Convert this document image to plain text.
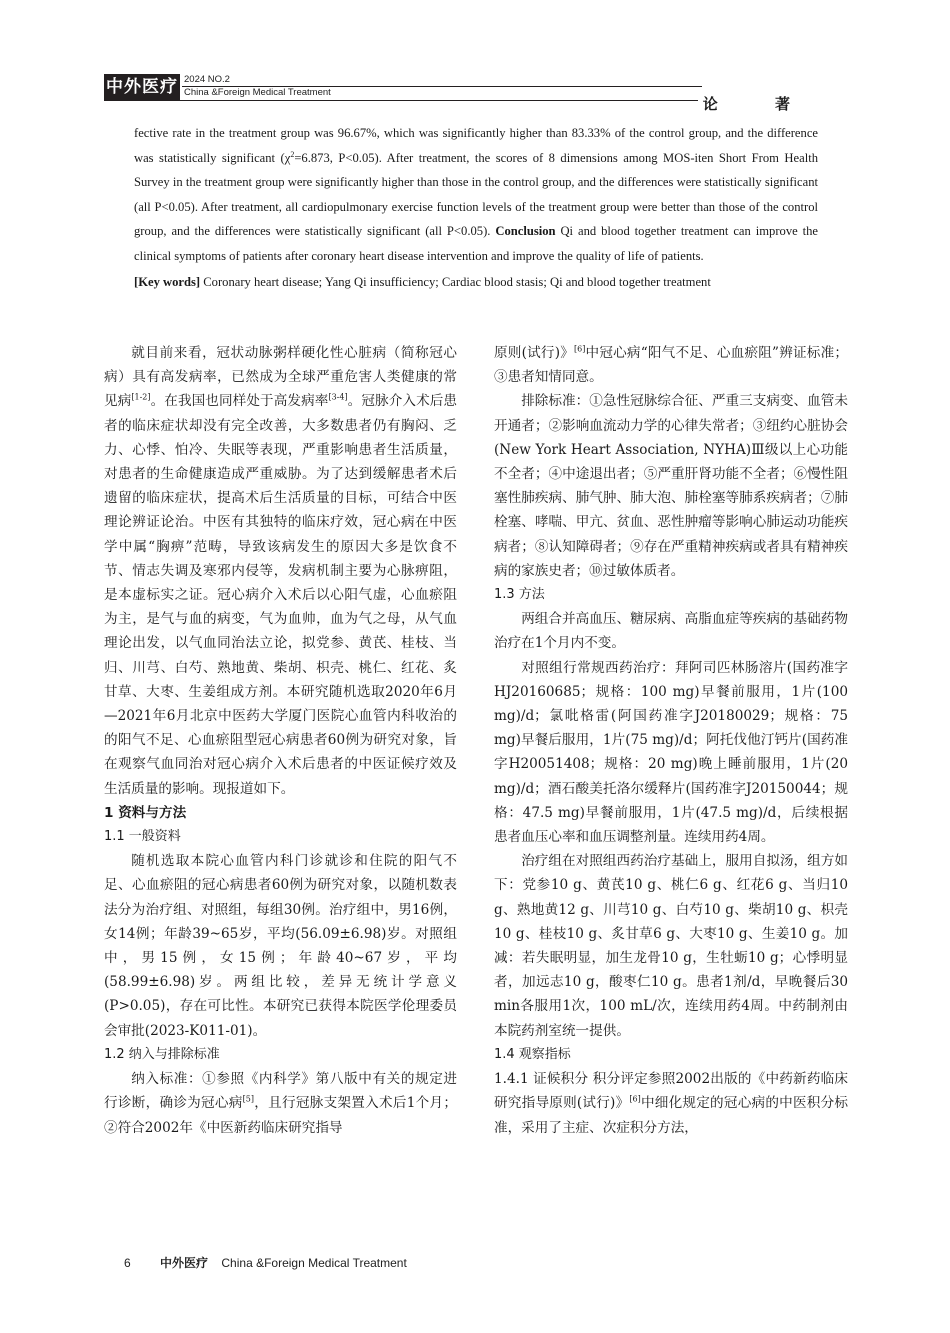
中外医疗 2024 NO.2
China &Foreign Medical Treatment
论 著

fective rate in the treatment group was 96.67%, which was significantly higher than 83.33% of the control group, and the difference was statistically significant ($\chi^2=6.873$, P<0.05). After treatment, the scores of 8 dimensions among MOS-iten Short From Health Survey in the treatment group were significantly higher than those in the control group, and the differences were statistically significant (all P<0.05). After treatment, all cardiopulmonary exercise function levels of the treatment group were better than those of the control group, and the differences were statistically significant (all P<0.05). Conclusion Qi and blood together treatment can improve the clinical symptoms of patients after coronary heart disease intervention and improve the quality of life of patients.

[Key words] Coronary heart disease; Yang Qi insufficiency; Cardiac blood stasis; Qi and blood together treatment

就目前来看，冠状动脉粥样硬化性心脏病（简称冠心病）具有高发病率，已然成为全球严重危害人类健康的常见病[1-2]。在我国也同样处于高发病率[3-4]。冠脉介入术后患者的临床症状却没有完全改善，大多数患者仍有胸闷、乏力、心悸、怕冷、失眠等表现，严重影响患者生活质量，对患者的生命健康造成严重威胁。为了达到缓解患者术后遗留的临床症状，提高术后生活质量的目标，可结合中医理论辨证论治。中医有其独特的临床疗效，冠心病在中医学中属“胸痹”范畴，导致该病发生的原因大多是饮食不节、情志失调及寒邪内侵等，发病机制主要为心脉痹阻，是本虚标实之证。冠心病介入术后以心阳气虚，心血瘀阻为主，是气与血的病变，气为血帅，血为气之母，从气血理论出发，以气血同治法立论，拟党参、黄芪、桂枝、当归、川芎、白芍、熟地黄、柴胡、枳壳、桃仁、红花、炙甘草、大枣、生姜组成方剂。本研究随机选取2020年6月—2021年6月北京中医药大学厦门医院心血管内科收治的的阳气不足、心血瘀阻型冠心病患者60例为研究对象，旨在观察气血同治对冠心病介入术后患者的中医证候疗效及生活质量的影响。现报道如下。

1 资料与方法

1.1 一般资料

随机选取本院心血管内科门诊就诊和住院的阳气不足、心血瘀阻的冠心病患者60例为研究对象，以随机数表法分为治疗组、对照组，每组30例。治疗组中，男16例，女14例；年龄39~65岁，平均(56.09±6.98)岁。对照组中，男15例，女15例；年龄40~67岁，平均(58.99±6.98)岁。两组比较，差异无统计学意义(P>0.05)，存在可比性。本研究已获得本院医学伦理委员会审批(2023-K011-01)。

1.2 纳入与排除标准

纳入标准：①参照《内科学》第八版中有关的规定进行诊断，确诊为冠心病[5]，且行冠脉支架置入术后1个月；②符合2002年《中医新药临床研究指导

原则(试行)》[6]中冠心病“阳气不足、心血瘀阻”辨证标准；③患者知情同意。

排除标准：①急性冠脉综合征、严重三支病变、血管未开通者；②影响血流动力学的心律失常者；③纽约心脏协会(New York Heart Association, NYHA)Ⅲ级以上心功能不全者；④中途退出者；⑤严重肝肾功能不全者；⑥慢性阻塞性肺疾病、肺气肿、肺大泡、肺栓塞等肺系疾病者；⑦肺栓塞、哮喘、甲亢、贫血、恶性肿瘤等影响心肺运动功能疾病者；⑧认知障碍者；⑨存在严重精神疾病或者具有精神疾病的家族史者；⑩过敏体质者。

1.3 方法

两组合并高血压、糖尿病、高脂血症等疾病的基础药物治疗在1个月内不变。

对照组行常规西药治疗：拜阿司匹林肠溶片(国药准字HJ20160685；规格：100 mg)早餐前服用，1片(100 mg)/d；氯吡格雷(阿国药准字J20180029；规格：75 mg)早餐后服用，1片(75 mg)/d；阿托伐他汀钙片(国药准字H20051408；规格：20 mg)晚上睡前服用，1片(20 mg)/d；酒石酸美托洛尔缓释片(国药准字J20150044；规格：47.5 mg)早餐前服用，1片(47.5 mg)/d，后续根据患者血压心率和血压调整剂量。连续用药4周。

治疗组在对照组西药治疗基础上，服用自拟汤，组方如下：党参10 g、黄芪10 g、桃仁6 g、红花6 g、当归10 g、熟地黄12 g、川芎10 g、白芍10 g、柴胡10 g、枳壳10 g、桂枝10 g、炙甘草6 g、大枣10 g、生姜10 g。加减：若失眠明显，加生龙骨10 g，生牡蛎10 g；心悸明显者，加远志10 g，酸枣仁10 g。患者1剂/d，早晚餐后30 min各服用1次，100 mL/次，连续用药4周。中药制剂由本院药剂室统一提供。

1.4 观察指标

1.4.1 证候积分 积分评定参照2002出版的《中药新药临床研究指导原则(试行)》[6]中细化规定的冠心病的中医积分标准，采用了主症、次症积分方法，

6 中外医疗 China &Foreign Medical Treatment
